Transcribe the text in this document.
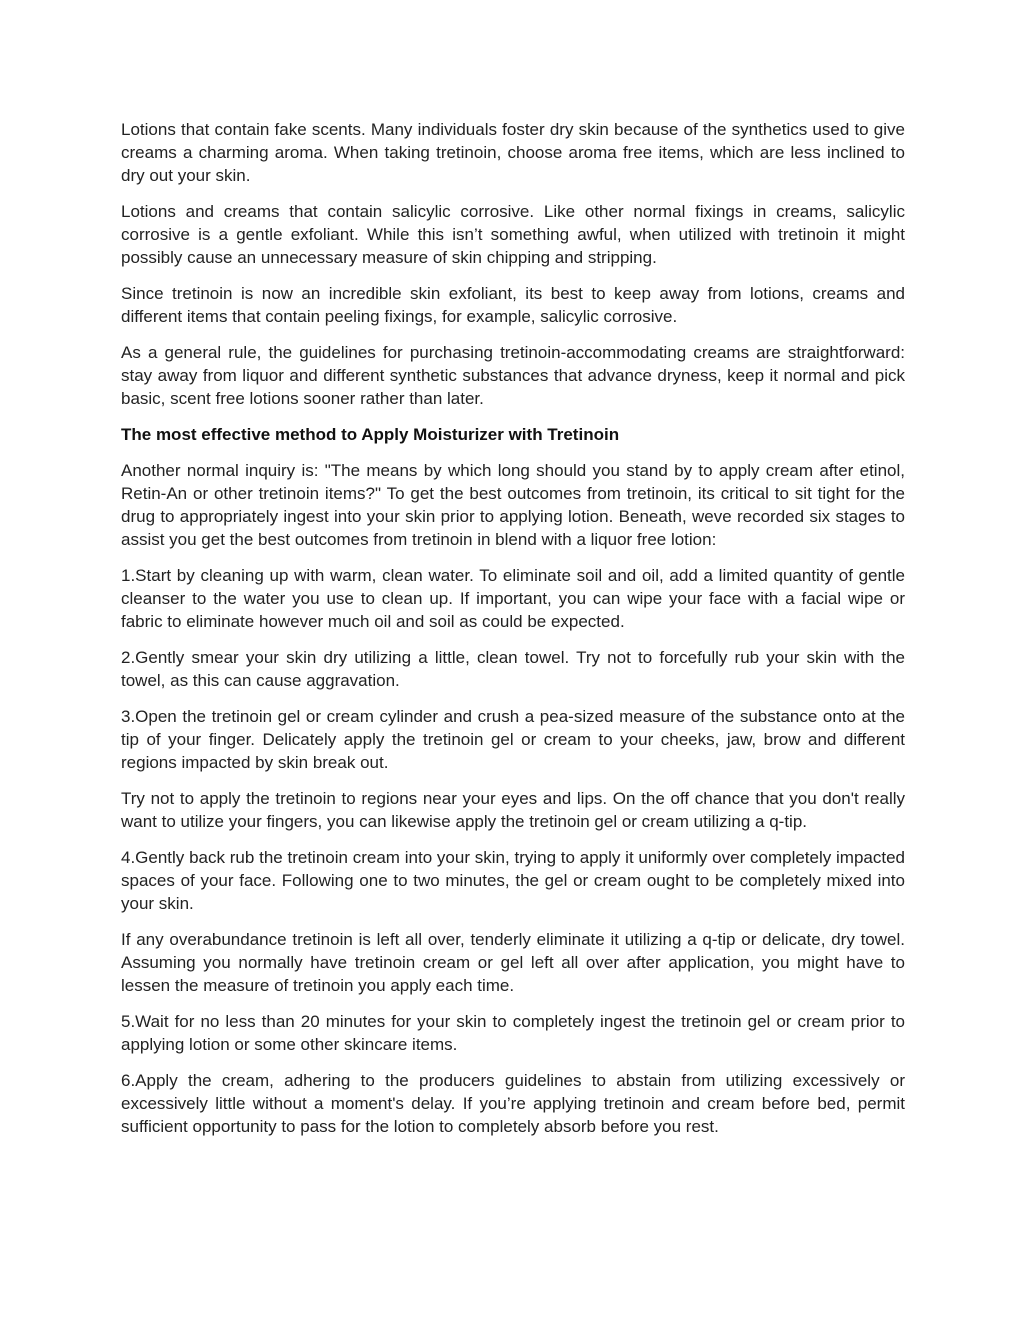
Lotions that contain fake scents. Many individuals foster dry skin because of the synthetics used to give creams a charming aroma. When taking tretinoin, choose aroma free items, which are less inclined to dry out your skin.

Lotions and creams that contain salicylic corrosive. Like other normal fixings in creams, salicylic corrosive is a gentle exfoliant. While this isn’t something awful, when utilized with tretinoin it might possibly cause an unnecessary measure of skin chipping and stripping.

Since tretinoin is now an incredible skin exfoliant, its best to keep away from lotions, creams and different items that contain peeling fixings, for example, salicylic corrosive.

As a general rule, the guidelines for purchasing tretinoin-accommodating creams are straightforward: stay away from liquor and different synthetic substances that advance dryness, keep it normal and pick basic, scent free lotions sooner rather than later.

The most effective method to Apply Moisturizer with Tretinoin

Another normal inquiry is: "The means by which long should you stand by to apply cream after etinol, Retin-An or other tretinoin items?" To get the best outcomes from tretinoin, its critical to sit tight for the drug to appropriately ingest into your skin prior to applying lotion. Beneath, weve recorded six stages to assist you get the best outcomes from tretinoin in blend with a liquor free lotion:

1.Start by cleaning up with warm, clean water. To eliminate soil and oil, add a limited quantity of gentle cleanser to the water you use to clean up. If important, you can wipe your face with a facial wipe or fabric to eliminate however much oil and soil as could be expected.

2.Gently smear your skin dry utilizing a little, clean towel. Try not to forcefully rub your skin with the towel, as this can cause aggravation.

3.Open the tretinoin gel or cream cylinder and crush a pea-sized measure of the substance onto at the tip of your finger. Delicately apply the tretinoin gel or cream to your cheeks, jaw, brow and different regions impacted by skin break out.

Try not to apply the tretinoin to regions near your eyes and lips. On the off chance that you don't really want to utilize your fingers, you can likewise apply the tretinoin gel or cream utilizing a q-tip.

4.Gently back rub the tretinoin cream into your skin, trying to apply it uniformly over completely impacted spaces of your face. Following one to two minutes, the gel or cream ought to be completely mixed into your skin.

If any overabundance tretinoin is left all over, tenderly eliminate it utilizing a q-tip or delicate, dry towel. Assuming you normally have tretinoin cream or gel left all over after application, you might have to lessen the measure of tretinoin you apply each time.

5.Wait for no less than 20 minutes for your skin to completely ingest the tretinoin gel or cream prior to applying lotion or some other skincare items.

6.Apply the cream, adhering to the producers guidelines to abstain from utilizing excessively or excessively little without a moment's delay. If you’re applying tretinoin and cream before bed, permit sufficient opportunity to pass for the lotion to completely absorb before you rest.
